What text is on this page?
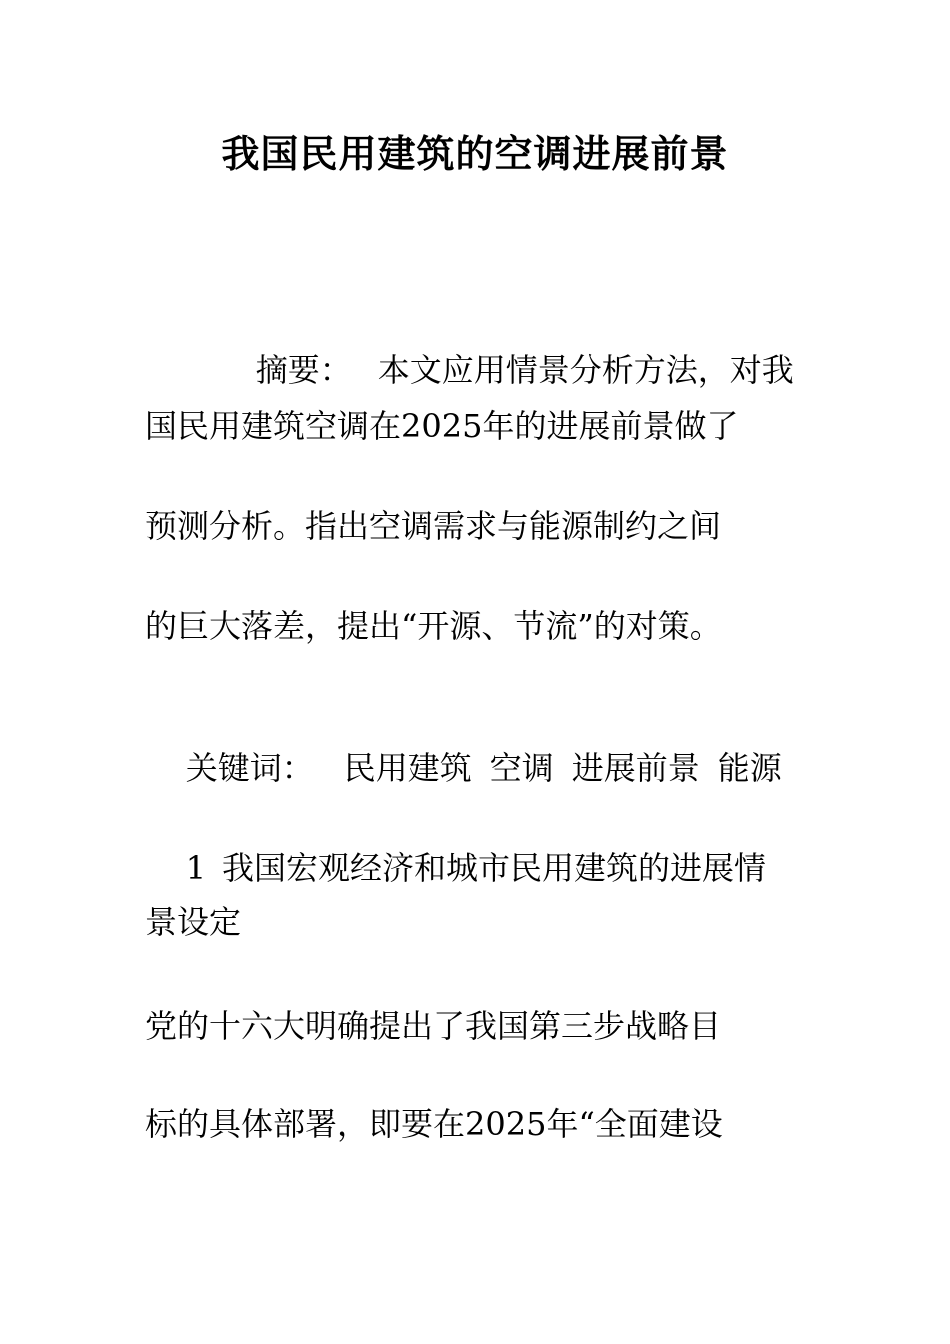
我国民用建筑的空调进展前景

摘要： 本文应用情景分析方法，对我

国民用建筑空调在2025年的进展前景做了
预测分析。指出空调需求与能源制约之间
的巨大落差，提出“开源、节流”的对策。

关键词： 民用建筑 空调 进展前景 能源

1 我国宏观经济和城市民用建筑的进展情

景设定
党的十六大明确提出了我国第三步战略目
标的具体部署，即要在2025年“全面建设
